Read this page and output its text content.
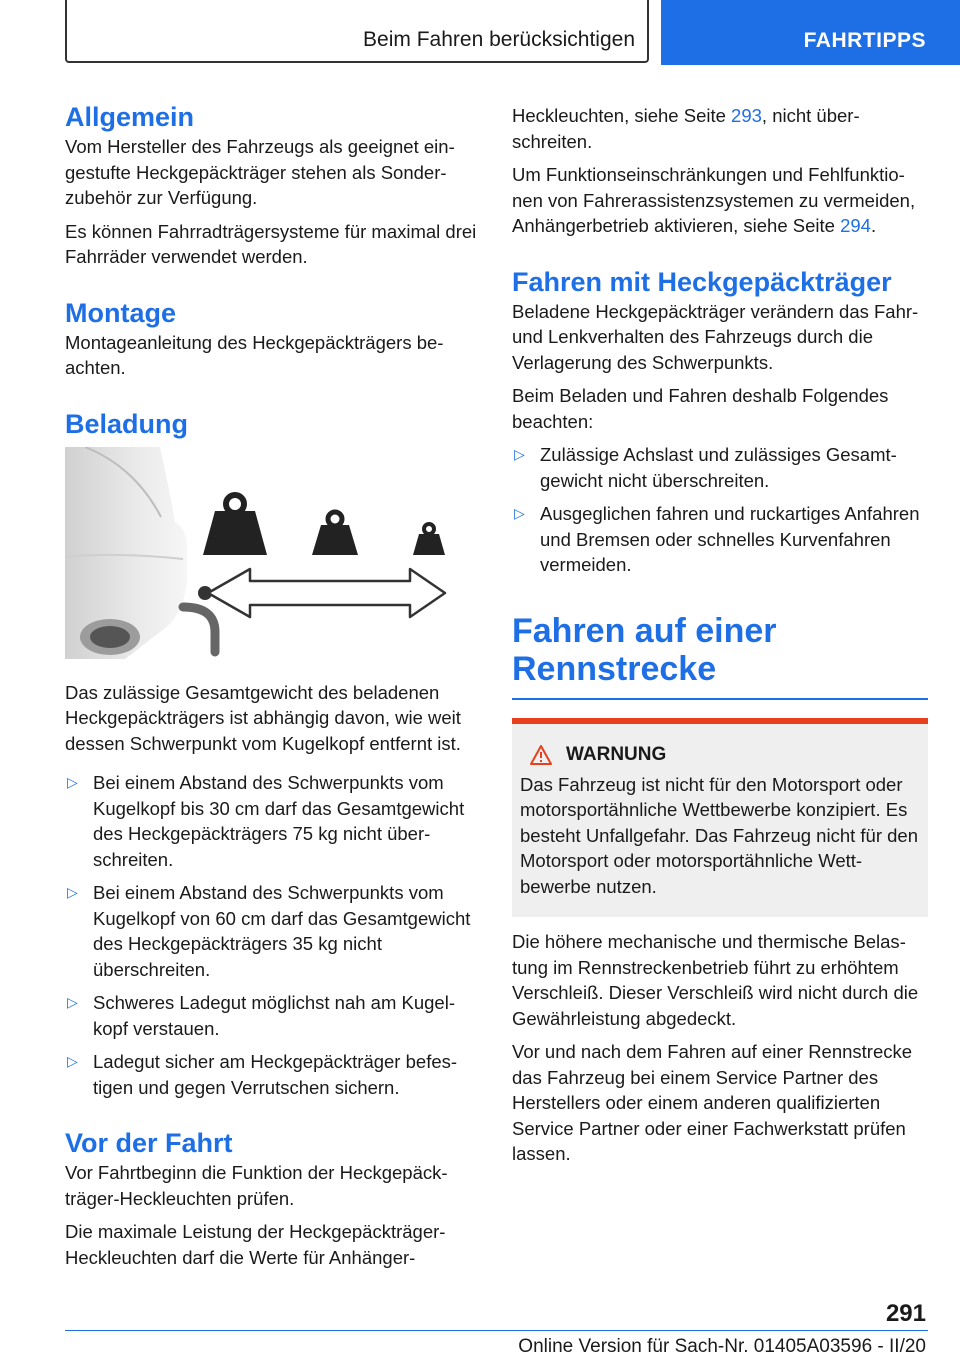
Beim Fahren berücksichtigen	FAHRTIPPS
Allgemein

Vom Hersteller des Fahrzeugs als geeignet eingestufte Heckgepäckträger stehen als Sonderzubehör zur Verfügung.

Es können Fahrradträgersysteme für maximal drei Fahrräder verwendet werden.

Montage

Montageanleitung des Heckgepäckträgers beachten.

Beladung

Das zulässige Gesamtgewicht des beladenen Heckgepäckträgers ist abhängig davon, wie weit dessen Schwerpunkt vom Kugelkopf entfernt ist.

▷ Bei einem Abstand des Schwerpunkts vom Kugelkopf bis 30 cm darf das Gesamtgewicht des Heckgepäckträgers 75 kg nicht überschreiten.
▷ Bei einem Abstand des Schwerpunkts vom Kugelkopf von 60 cm darf das Gesamtgewicht des Heckgepäckträgers 35 kg nicht überschreiten.
▷ Schweres Ladegut möglichst nah am Kugelkopf verstauen.
▷ Ladegut sicher am Heckgepäckträger befestigen und gegen Verrutschen sichern.
Vor der Fahrt

Vor Fahrtbeginn die Funktion der Heckgepäckträger-Heckleuchten prüfen.

Die maximale Leistung der Heckgepäckträger-Heckleuchten darf die Werte für Anhänger-

Heckleuchten, siehe Seite 293, nicht überschreiten.

Um Funktionseinschränkungen und Fehlfunktionen von Fahrerassistenzsystemen zu vermeiden, Anhängerbetrieb aktivieren, siehe Seite 294.

Fahren mit Heckgepäckträger

Beladene Heckgepäckträger verändern das Fahr- und Lenkverhalten des Fahrzeugs durch die Verlagerung des Schwerpunkts.

Beim Beladen und Fahren deshalb Folgendes beachten:

▷ Zulässige Achslast und zulässiges Gesamtgewicht nicht überschreiten.
▷ Ausgeglichen fahren und ruckartiges Anfahren und Bremsen oder schnelles Kurvenfahren vermeiden.
Fahren auf einer
Rennstrecke
WARNUNG

Das Fahrzeug ist nicht für den Motorsport oder motorsportähnliche Wettbewerbe konzipiert. Es besteht Unfallgefahr. Das Fahrzeug nicht für den Motorsport oder motorsportähnliche Wettbewerbe nutzen.

Die höhere mechanische und thermische Belastung im Rennstreckenbetrieb führt zu erhöhtem Verschleiß. Dieser Verschleiß wird nicht durch die Gewährleistung abgedeckt.

Vor und nach dem Fahren auf einer Rennstrecke das Fahrzeug bei einem Service Partner des Herstellers oder einem anderen qualifizierten Service Partner oder einer Fachwerkstatt prüfen lassen.

291
Online Version für Sach-Nr. 01405A03596 - II/20
